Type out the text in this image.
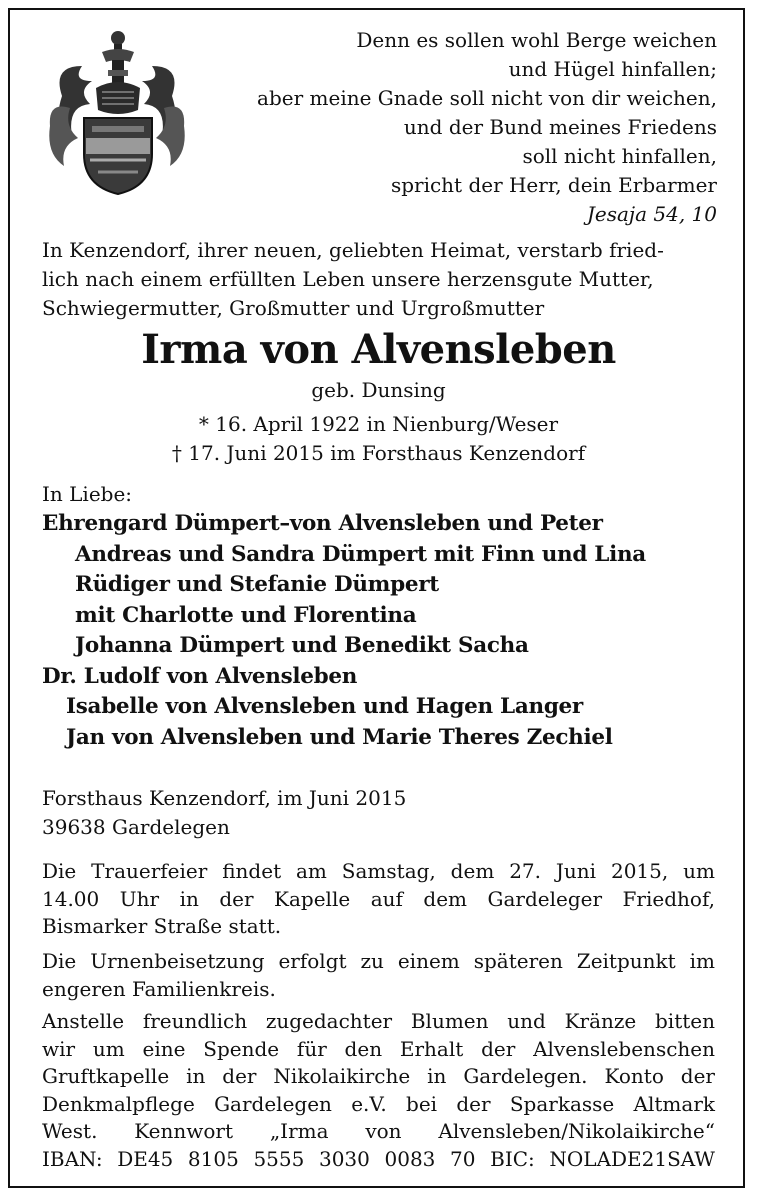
Denn es sollen wohl Berge weichen
und Hügel hinfallen;
aber meine Gnade soll nicht von dir weichen,
und der Bund meines Friedens
soll nicht hinfallen,
spricht der Herr, dein Erbarmer
Jesaja 54, 10
In Kenzendorf, ihrer neuen, geliebten Heimat, verstarb fried-
lich nach einem erfüllten Leben unsere herzensgute Mutter,
Schwiegermutter, Großmutter und Urgroßmutter
Irma von Alvensleben
geb. Dunsing
* 16. April 1922 in Nienburg/Weser
† 17. Juni 2015 im Forsthaus Kenzendorf
In Liebe:
Ehrengard Dümpert–von Alvensleben und Peter
Andreas und Sandra Dümpert mit Finn und Lina
Rüdiger und Stefanie Dümpert
mit Charlotte und Florentina
Johanna Dümpert und Benedikt Sacha
Dr. Ludolf von Alvensleben
Isabelle von Alvensleben und Hagen Langer
Jan von Alvensleben und Marie Theres Zechiel
Forsthaus Kenzendorf, im Juni 2015
39638 Gardelegen
Die Trauerfeier findet am Samstag, dem 27. Juni 2015, um
14.00 Uhr in der Kapelle auf dem Gardeleger Friedhof,
Bismarker Straße statt.
Die Urnenbeisetzung erfolgt zu einem späteren Zeitpunkt im
engeren Familienkreis.
Anstelle freundlich zugedachter Blumen und Kränze bitten
wir um eine Spende für den Erhalt der Alvenslebenschen
Gruftkapelle in der Nikolaikirche in Gardelegen. Konto der
Denkmalpflege Gardelegen e.V. bei der Sparkasse Altmark
West. Kennwort „Irma von Alvensleben/Nikolaikirche“
IBAN: DE45 8105 5555 3030 0083 70 BIC: NOLADE21SAW
